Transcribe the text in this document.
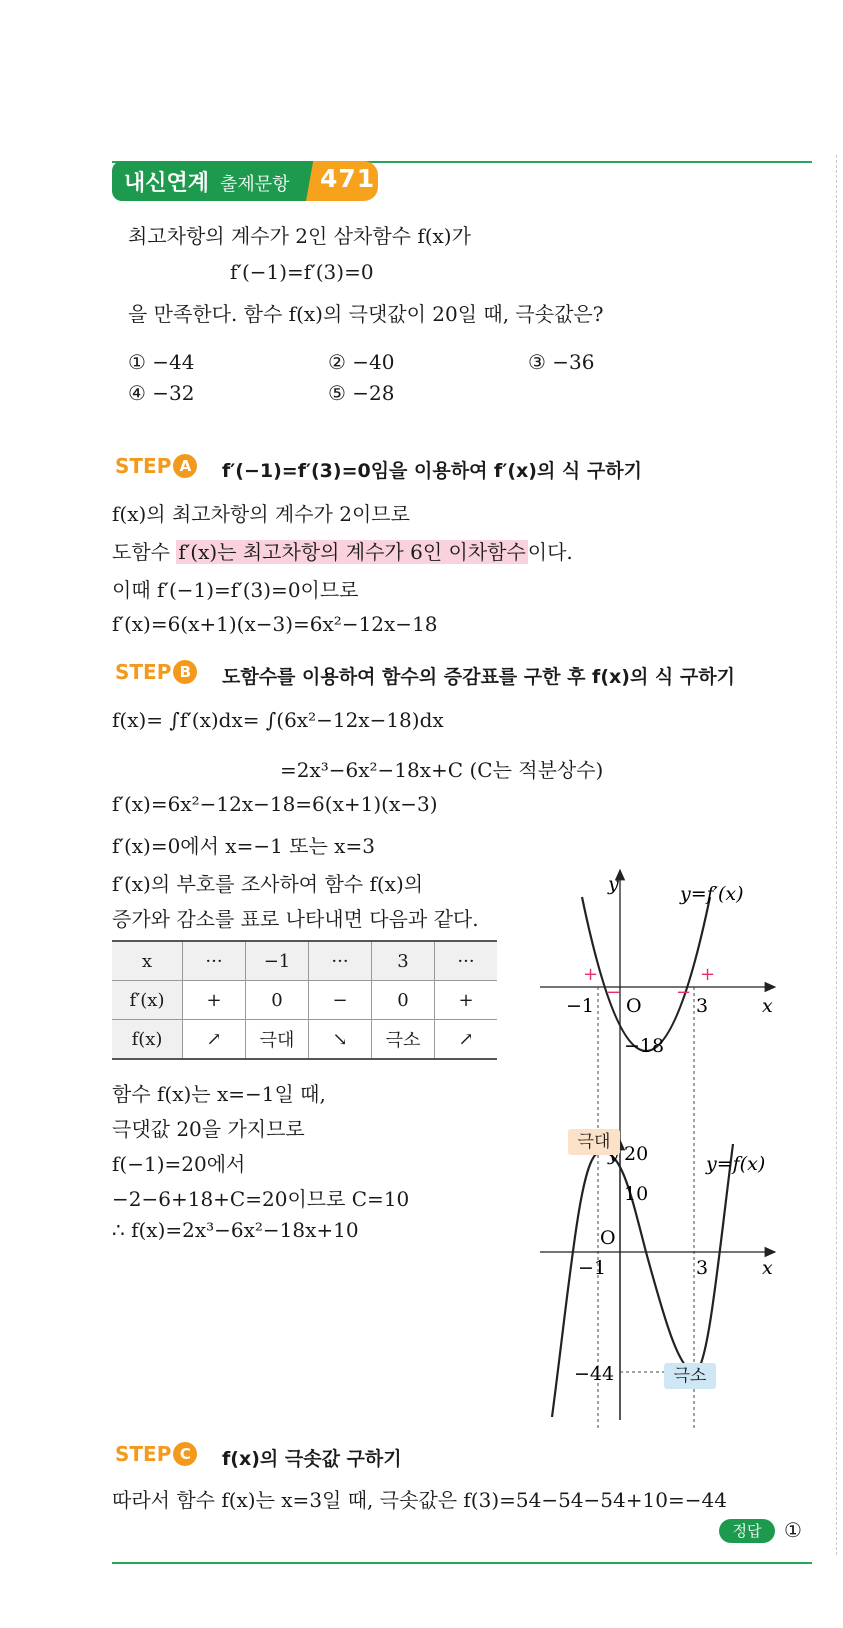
내신연계 출제문항 471
최고차항의 계수가 2인 삼차함수 f(x)가
f′(−1)=f′(3)=0
을 만족한다. 함수 f(x)의 극댓값이 20일 때, 극솟값은?
① −44	② −40	③ −36
④ −32	⑤ −28
STEP A	f′(−1)=f′(3)=0임을 이용하여 f′(x)의 식 구하기
f(x)의 최고차항의 계수가 2이므로
도함수 f′(x)는 최고차항의 계수가 6인 이차함수 이다.
이때 f′(−1)=f′(3)=0이므로
f′(x)=6(x+1)(x−3)=6x²−12x−18
STEP B	도함수를 이용하여 함수의 증감표를 구한 후 f(x)의 식 구하기
f(x)= ∫f′(x)dx= ∫(6x²−12x−18)dx
=2x³−6x²−18x+C (C는 적분상수)
f′(x)=6x²−12x−18=6(x+1)(x−3)
f′(x)=0에서 x=−1 또는 x=3
f′(x)의 부호를 조사하여 함수 f(x)의
증가와 감소를 표로 나타내면 다음과 같다.
x	···	−1	···	3	···
f′(x)	+	0	−	0	+
f(x)	↗	극대	↘	극소	↗
함수 f(x)는 x=−1일 때,
극댓값 20을 가지므로
f(−1)=20에서
−2−6+18+C=20이므로 C=10
∴ f(x)=2x³−6x²−18x+10
y	y=f′(x)
x
−1 O	3
−18
+
−	−
+
y=f(x)
x
20
10
O
−1	3
−44
극대
극소
STEP C	f(x)의 극솟값 구하기
따라서 함수 f(x)는 x=3일 때, 극솟값은 f(3)=54−54−54+10=−44
정답	①
